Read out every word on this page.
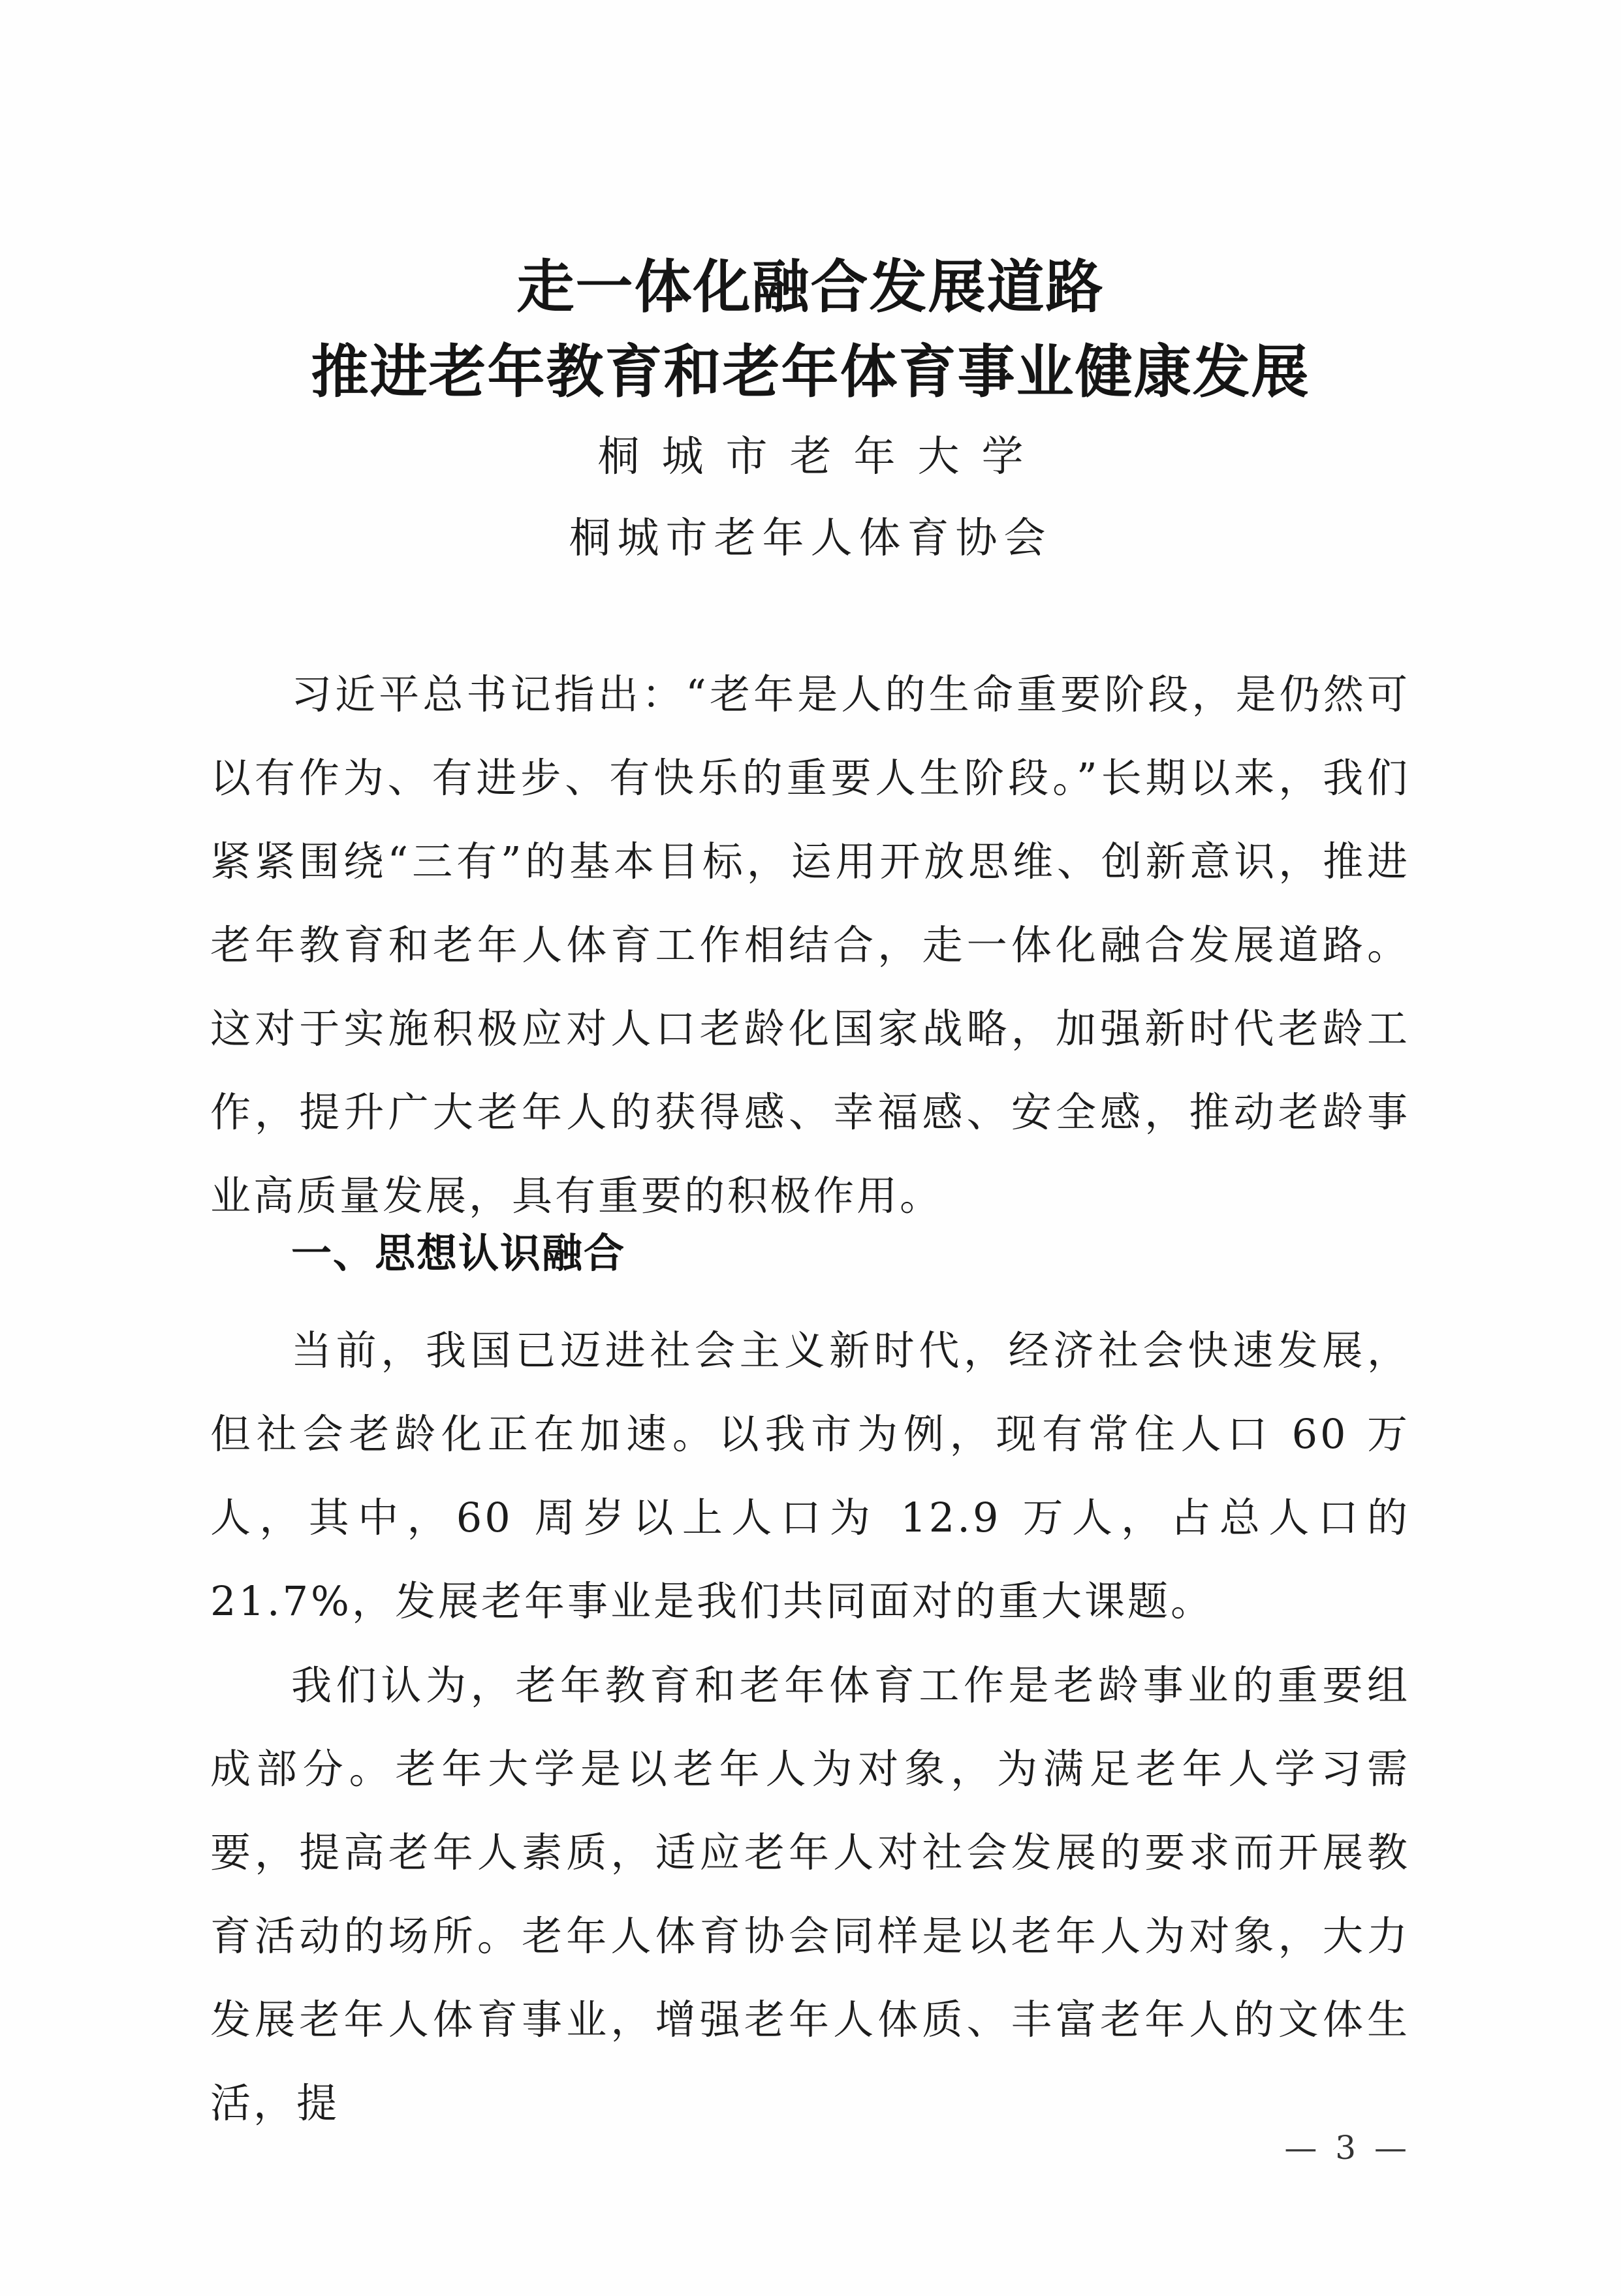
走一体化融合发展道路
推进老年教育和老年体育事业健康发展
桐城市老年大学
桐城市老年人体育协会

习近平总书记指出：“老年是人的生命重要阶段，是仍然可以有作为、有进步、有快乐的重要人生阶段。”长期以来，我们紧紧围绕“三有”的基本目标，运用开放思维、创新意识，推进老年教育和老年人体育工作相结合，走一体化融合发展道路。这对于实施积极应对人口老龄化国家战略，加强新时代老龄工作，提升广大老年人的获得感、幸福感、安全感，推动老龄事业高质量发展，具有重要的积极作用。

一、思想认识融合

当前，我国已迈进社会主义新时代，经济社会快速发展，但社会老龄化正在加速。以我市为例，现有常住人口 60 万人，其中，60 周岁以上人口为 12.9 万人，占总人口的 21.7%，发展老年事业是我们共同面对的重大课题。

我们认为，老年教育和老年体育工作是老龄事业的重要组成部分。老年大学是以老年人为对象，为满足老年人学习需要，提高老年人素质，适应老年人对社会发展的要求而开展教育活动的场所。老年人体育协会同样是以老年人为对象，大力发展老年人体育事业，增强老年人体质、丰富老年人的文体生活，提

— 3 —
